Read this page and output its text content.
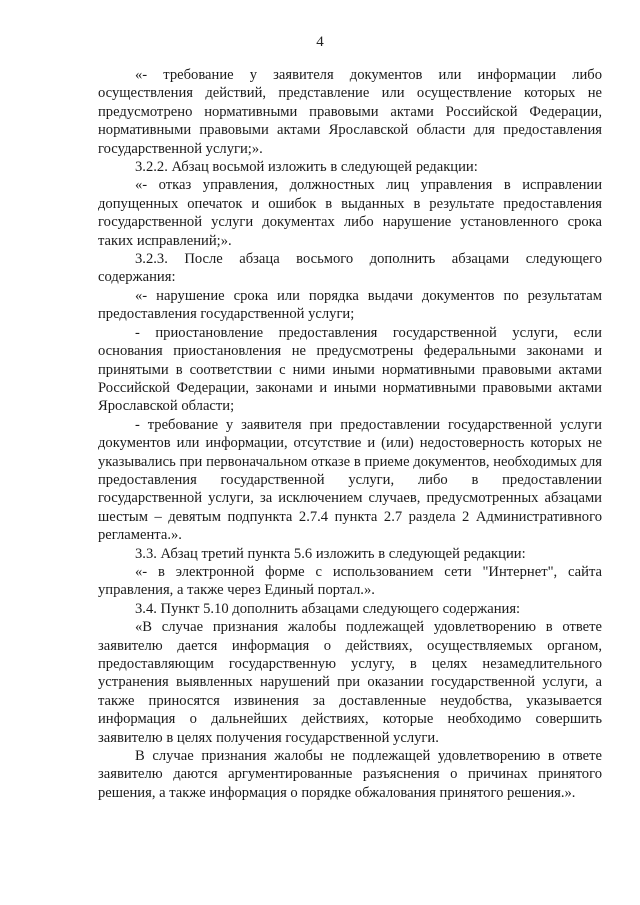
4

«- требование у заявителя документов или информации либо осуществления действий, представление или осуществление которых не предусмотрено нормативными правовыми актами Российской Федерации, нормативными правовыми актами Ярославской области для предоставления государственной услуги;».

3.2.2. Абзац восьмой изложить в следующей редакции:

«- отказ управления, должностных лиц управления в исправлении допущенных опечаток и ошибок в выданных в результате предоставления государственной услуги документах либо нарушение установленного срока таких исправлений;».

3.2.3. После абзаца восьмого дополнить абзацами следующего содержания:

«- нарушение срока или порядка выдачи документов по результатам предоставления государственной услуги;

- приостановление предоставления государственной услуги, если основания приостановления не предусмотрены федеральными законами и принятыми в соответствии с ними иными нормативными правовыми актами Российской Федерации, законами и иными нормативными правовыми актами Ярославской области;

- требование у заявителя при предоставлении государственной услуги документов или информации, отсутствие и (или) недостоверность которых не указывались при первоначальном отказе в приеме документов, необходимых для предоставления государственной услуги, либо в предоставлении государственной услуги, за исключением случаев, предусмотренных абзацами шестым – девятым подпункта 2.7.4 пункта 2.7 раздела 2 Административного регламента.».

3.3. Абзац третий пункта 5.6 изложить в следующей редакции:

«- в электронной форме с использованием сети "Интернет", сайта управления, а также через Единый портал.».

3.4. Пункт 5.10 дополнить абзацами следующего содержания:

«В случае признания жалобы подлежащей удовлетворению в ответе заявителю дается информация о действиях, осуществляемых органом, предоставляющим государственную услугу, в целях незамедлительного устранения выявленных нарушений при оказании государственной услуги, а также приносятся извинения за доставленные неудобства, указывается информация о дальнейших действиях, которые необходимо совершить заявителю в целях получения государственной услуги.

В случае признания жалобы не подлежащей удовлетворению в ответе заявителю даются аргументированные разъяснения о причинах принятого решения, а также информация о порядке обжалования принятого решения.».
